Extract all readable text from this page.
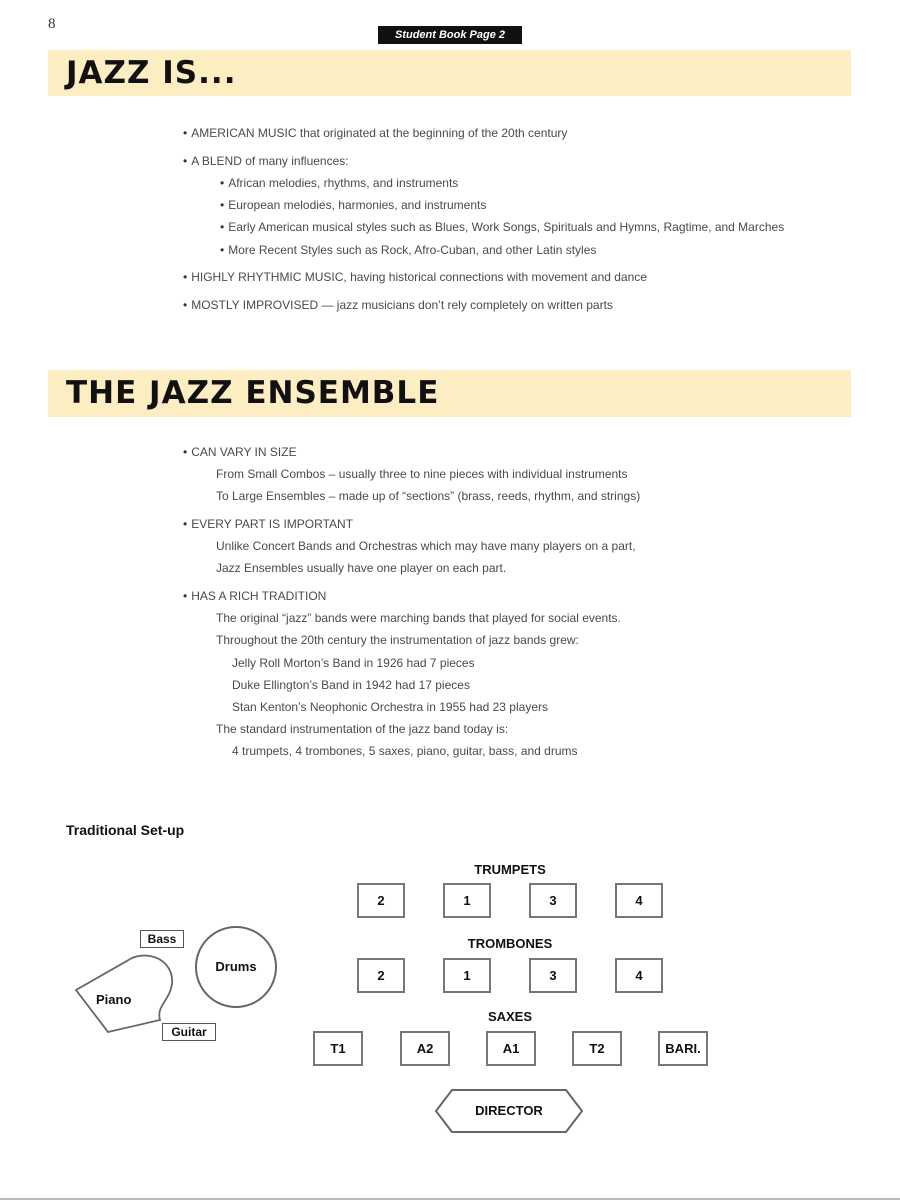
8
Student Book Page 2
JAZZ IS...
• AMERICAN MUSIC that originated at the beginning of the 20th century
• A BLEND of many influences:
• African melodies, rhythms, and instruments
• European melodies, harmonies, and instruments
• Early American musical styles such as Blues, Work Songs, Spirituals and Hymns, Ragtime, and Marches
• More Recent Styles such as Rock, Afro-Cuban, and other Latin styles
• HIGHLY RHYTHMIC MUSIC, having historical connections with movement and dance
• MOSTLY IMPROVISED — jazz musicians don’t rely completely on written parts
THE JAZZ ENSEMBLE
• CAN VARY IN SIZE
From Small Combos – usually three to nine pieces with individual instruments
To Large Ensembles – made up of “sections” (brass, reeds, rhythm, and strings)
• EVERY PART IS IMPORTANT
Unlike Concert Bands and Orchestras which may have many players on a part,
Jazz Ensembles usually have one player on each part.
• HAS A RICH TRADITION
The original “jazz” bands were marching bands that played for social events.
Throughout the 20th century the instrumentation of jazz bands grew:
Jelly Roll Morton’s Band in 1926 had 7 pieces
Duke Ellington’s Band in 1942 had 17 pieces
Stan Kenton’s Neophonic Orchestra in 1955 had 23 players
The standard instrumentation of the jazz band today is:
4 trumpets, 4 trombones, 5 saxes, piano, guitar, bass, and drums
Traditional Set-up
TRUMPETS
2	1	3	4
TROMBONES
2	1	3	4
SAXES
T1	A2	A1	T2	BARI.
DIRECTOR
Bass
Drums
Piano
Guitar
